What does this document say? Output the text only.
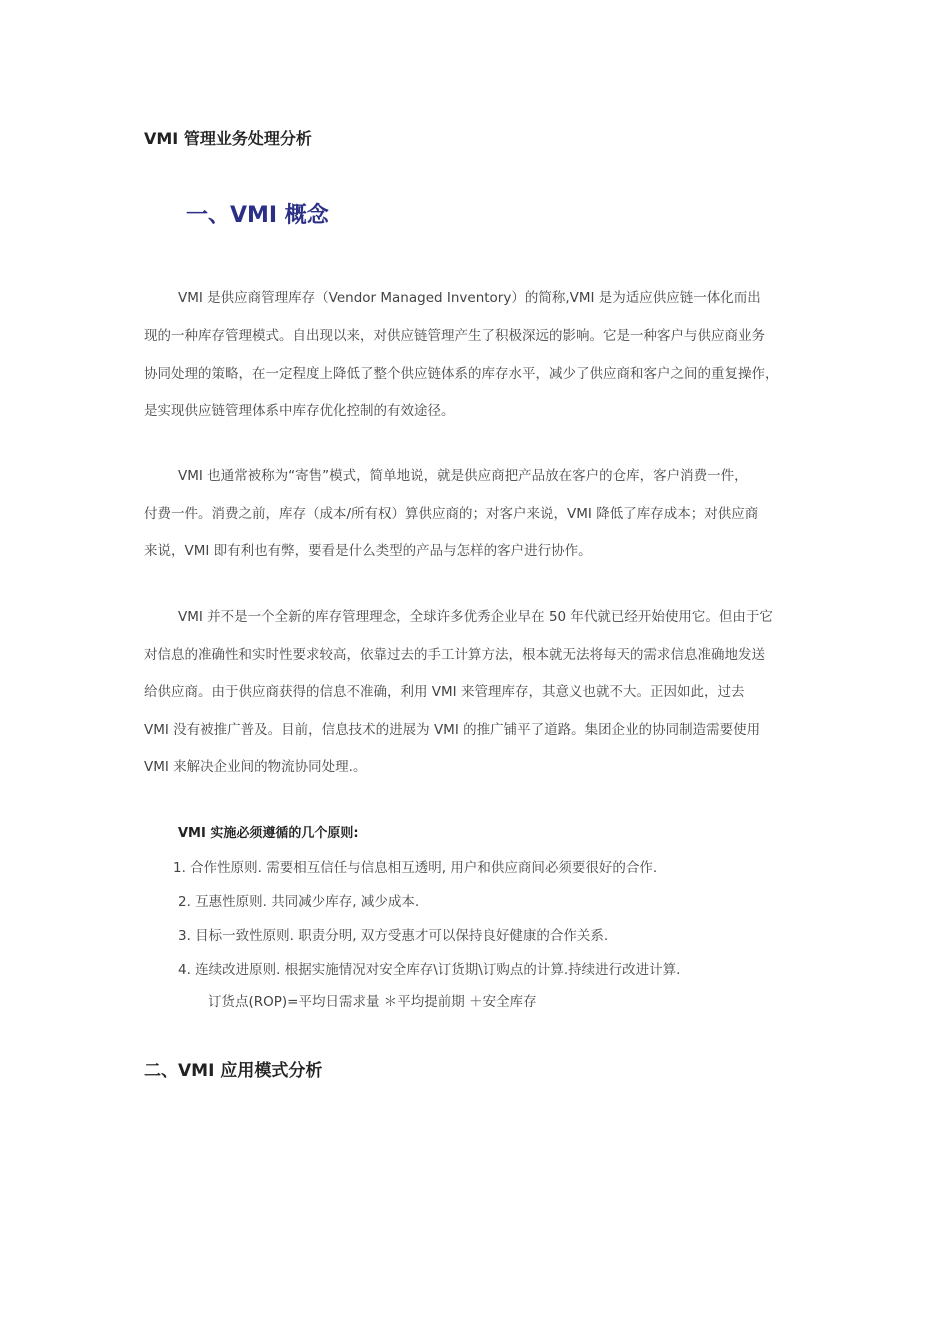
VMI 管理业务处理分析
一、VMI 概念
VMI 是供应商管理库存（Vendor Managed Inventory）的简称,VMI 是为适应供应链一体化而出
现的一种库存管理模式。自出现以来，对供应链管理产生了积极深远的影响。它是一种客户与供应商业务
协同处理的策略，在一定程度上降低了整个供应链体系的库存水平，减少了供应商和客户之间的重复操作，
是实现供应链管理体系中库存优化控制的有效途径。
VMI 也通常被称为“寄售”模式，简单地说，就是供应商把产品放在客户的仓库，客户消费一件，
付费一件。消费之前，库存（成本/所有权）算供应商的；对客户来说，VMI 降低了库存成本；对供应商
来说，VMI 即有利也有弊，要看是什么类型的产品与怎样的客户进行协作。
VMI 并不是一个全新的库存管理理念，全球许多优秀企业早在 50 年代就已经开始使用它。但由于它
对信息的准确性和实时性要求较高，依靠过去的手工计算方法，根本就无法将每天的需求信息准确地发送
给供应商。由于供应商获得的信息不准确，利用 VMI 来管理库存，其意义也就不大。正因如此，过去
VMI 没有被推广普及。目前，信息技术的进展为 VMI 的推广铺平了道路。集团企业的协同制造需要使用
VMI 来解决企业间的物流协同处理.。
VMI 实施必须遵循的几个原则:
1. 合作性原则. 需要相互信任与信息相互透明, 用户和供应商间必须要很好的合作.
2. 互惠性原则. 共同减少库存, 减少成本.
3. 目标一致性原则. 职责分明, 双方受惠才可以保持良好健康的合作关系.
4. 连续改进原则. 根据实施情况对安全库存\订货期\订购点的计算.持续进行改进计算.
订货点(ROP)=平均日需求量 ＊平均提前期 ＋安全库存
二、VMI 应用模式分析
